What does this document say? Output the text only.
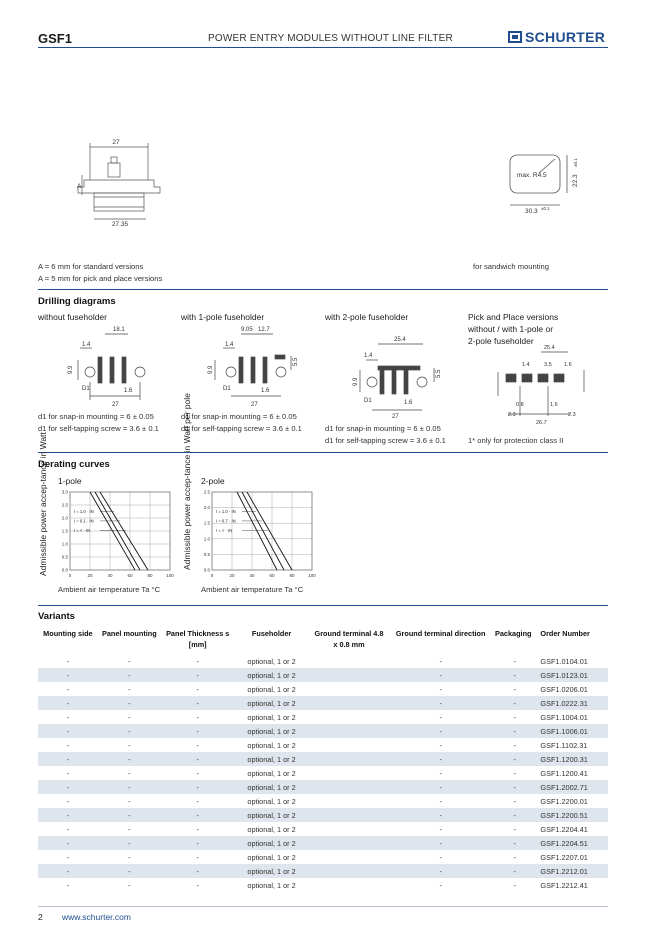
GSF1	POWER ENTRY MODULES WITHOUT LINE FILTER	SCHURTER
27
27.35
A
max. R4.5	22.3
±0.1
30.3 ±0.1
A = 6 mm for standard versions
A = 5 mm for pick and place versions
for sandwich mounting
Drilling diagrams
without fuseholder	with 1-pole fuseholder	with 2-pole fuseholder	Pick and Place versions
without / with 1-pole or
2-pole fuseholder
18.1
1.4
9.9
D1	1.6
27
d1 for snap-in mounting = 6 ± 0.05
d1 for self-tapping screw = 3.6 ± 0.1
9.05 12.7
1.4
9.9
5.5
D1	1.6
27
d1 for snap-in mounting = 6 ± 0.05
d1 for self-tapping screw = 3.6 ± 0.1
25.4
1.4
9.9
5.5
D1	1.6
27
d1 for snap-in mounting = 6 ± 0.05
d1 for self-tapping screw = 3.6 ± 0.1
25.4
1.4	3.5 1.6
0.8	1.6
2.3
26.7
2.3
1* only for protection class II
Derating curves
1-pole	2-pole
Admissible power accep-tance in Watt	Admissible power accep-tance in Watt per pole
0	20	40	60	80	100
0.0
0.5
1.0
1.5
2.0
2.5
3.0
I = 1.0 · IN
I = 0.1 · IN
I = < · IN
0	20	40	60	80	100
0.0
0.5
1.0
1.5
2.0
2.5
I = 1.0 · IN
I = 0.7 · IN
I = < · IN
Ambient air temperature Ta °C	Ambient air temperature Ta °C
Variants
Mounting side	Panel mounting	Panel Thickness s [mm]	Fuseholder	Ground terminal 4.8 x 0.8 mm	Ground terminal direction	Packaging	Order Number
-	-	-	optional, 1 or 2		-	-	GSF1.0104.01
-	-	-	optional, 1 or 2		-	-	GSF1.0123.01
-	-	-	optional, 1 or 2		-	-	GSF1.0206.01
-	-	-	optional, 1 or 2		-	-	GSF1.0222.31
-	-	-	optional, 1 or 2		-	-	GSF1.1004.01
-	-	-	optional, 1 or 2		-	-	GSF1.1006.01
-	-	-	optional, 1 or 2		-	-	GSF1.1102.31
-	-	-	optional, 1 or 2		-	-	GSF1.1200.31
-	-	-	optional, 1 or 2		-	-	GSF1.1200.41
-	-	-	optional, 1 or 2		-	-	GSF1.2002.71
-	-	-	optional, 1 or 2		-	-	GSF1.2200.01
-	-	-	optional, 1 or 2		-	-	GSF1.2200.51
-	-	-	optional, 1 or 2		-	-	GSF1.2204.41
-	-	-	optional, 1 or 2		-	-	GSF1.2204.51
-	-	-	optional, 1 or 2		-	-	GSF1.2207.01
-	-	-	optional, 1 or 2		-	-	GSF1.2212.01
-	-	-	optional, 1 or 2		-	-	GSF1.2212.41
2 www.schurter.com
